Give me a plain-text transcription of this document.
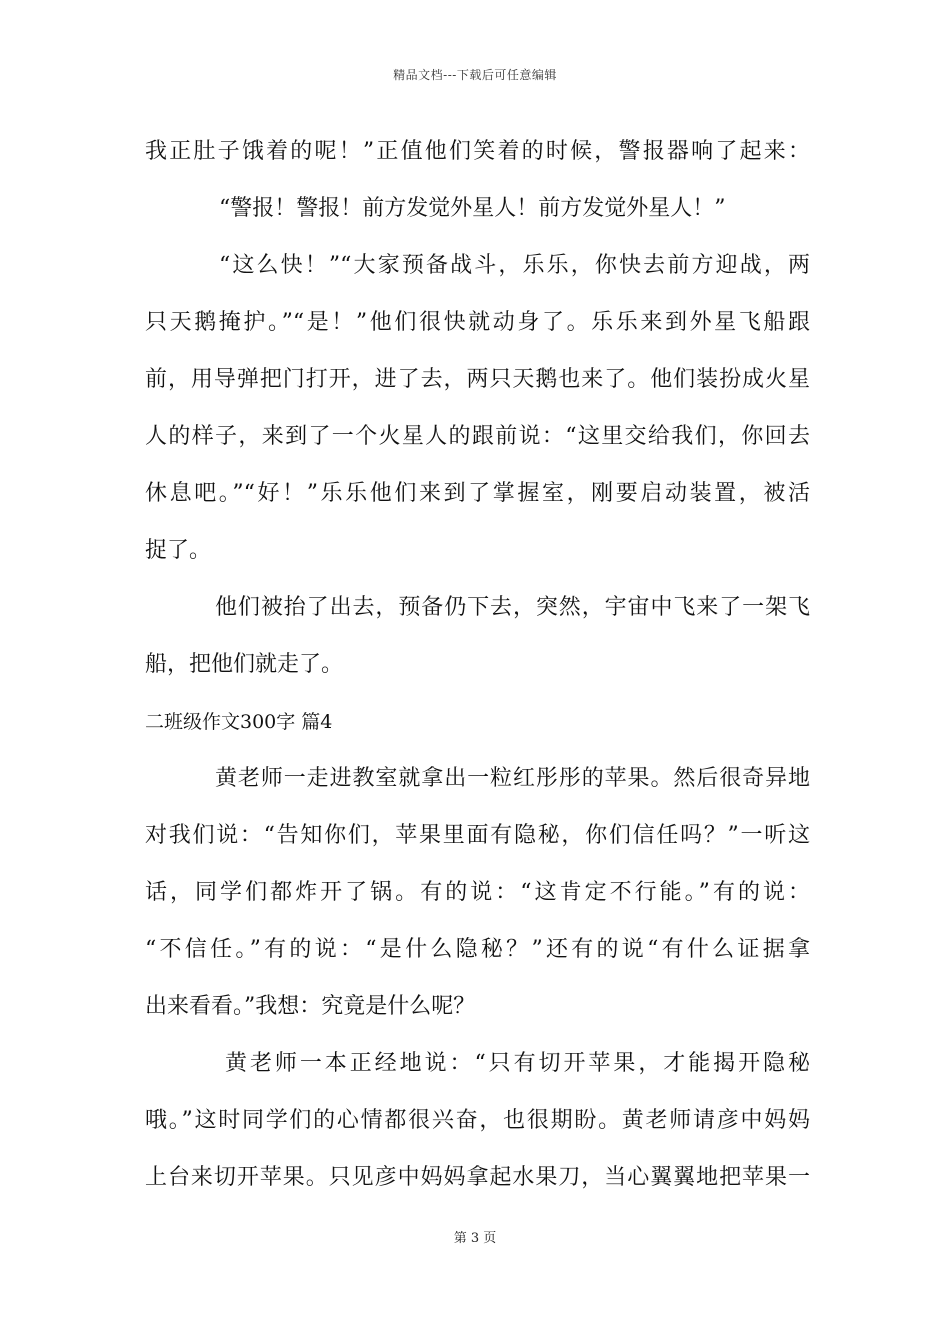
精品文档---下载后可任意编辑
我正肚子饿着的呢！”正值他们笑着的时候，警报器响了起来：
“警报！警报！前方发觉外星人！前方发觉外星人！”
“这么快！”“大家预备战斗，乐乐，你快去前方迎战，两
只天鹅掩护。”“是！”他们很快就动身了。乐乐来到外星飞船跟
前，用导弹把门打开，进了去，两只天鹅也来了。他们装扮成火星
人的样子，来到了一个火星人的跟前说：“这里交给我们，你回去
休息吧。”“好！”乐乐他们来到了掌握室，刚要启动装置，被活
捉了。
他们被抬了出去，预备仍下去，突然，宇宙中飞来了一架飞
船，把他们就走了。
二班级作文300字 篇4
黄老师一走进教室就拿出一粒红彤彤的苹果。然后很奇异地
对我们说：“告知你们，苹果里面有隐秘，你们信任吗？”一听这
话，同学们都炸开了锅。有的说：“这肯定不行能。”有的说：
“不信任。”有的说：“是什么隐秘？”还有的说“有什么证据拿
出来看看。”我想：究竟是什么呢？
黄老师一本正经地说：“只有切开苹果，才能揭开隐秘
哦。”这时同学们的心情都很兴奋，也很期盼。黄老师请彦中妈妈
上台来切开苹果。只见彦中妈妈拿起水果刀，当心翼翼地把苹果一
第 3 页
